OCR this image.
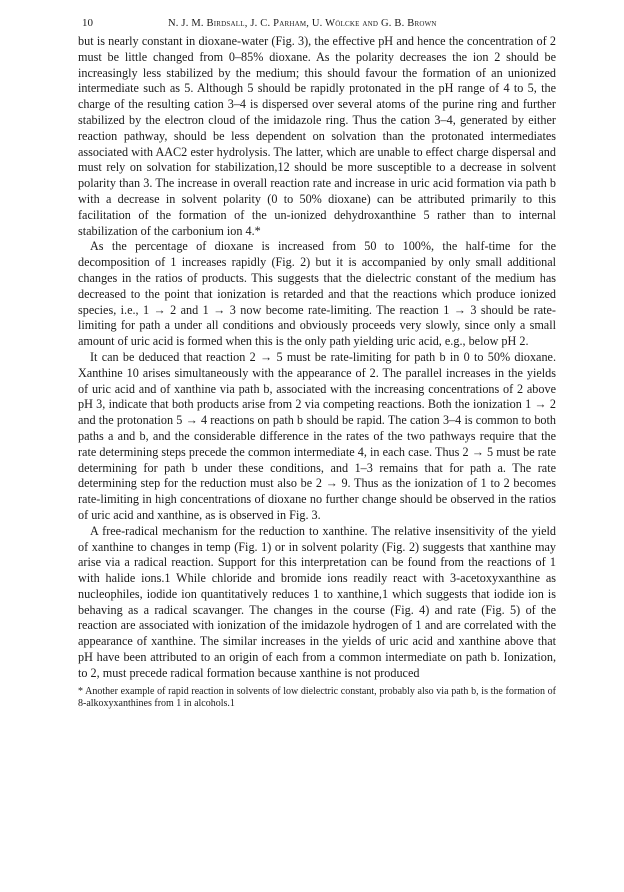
10	N. J. M. Birdsall, J. C. Parham, U. Wölcke and G. B. Brown

but is nearly constant in dioxane-water (Fig. 3), the effective pH and hence the concentration of 2 must be little changed from 0–85% dioxane. As the polarity decreases the ion 2 should be increasingly less stabilized by the medium; this should favour the formation of an unionized intermediate such as 5. Although 5 should be rapidly protonated in the pH range of 4 to 5, the charge of the resulting cation 3–4 is dispersed over several atoms of the purine ring and further stabilized by the electron cloud of the imidazole ring. Thus the cation 3–4, generated by either reaction pathway, should be less dependent on solvation than the protonated intermediates associated with AAC2 ester hydrolysis. The latter, which are unable to effect charge dispersal and must rely on solvation for stabilization,12 should be more susceptible to a decrease in solvent polarity than 3. The increase in overall reaction rate and increase in uric acid formation via path b with a decrease in solvent polarity (0 to 50% dioxane) can be attributed primarily to this facilitation of the formation of the un-ionized dehydroxanthine 5 rather than to internal stabilization of the carbonium ion 4.*

As the percentage of dioxane is increased from 50 to 100%, the half-time for the decomposition of 1 increases rapidly (Fig. 2) but it is accompanied by only small additional changes in the ratios of products. This suggests that the dielectric constant of the medium has decreased to the point that ionization is retarded and that the reactions which produce ionized species, i.e., 1 → 2 and 1 → 3 now become rate-limiting. The reaction 1 → 3 should be rate-limiting for path a under all conditions and obviously proceeds very slowly, since only a small amount of uric acid is formed when this is the only path yielding uric acid, e.g., below pH 2.

It can be deduced that reaction 2 → 5 must be rate-limiting for path b in 0 to 50% dioxane. Xanthine 10 arises simultaneously with the appearance of 2. The parallel increases in the yields of uric acid and of xanthine via path b, associated with the increasing concentrations of 2 above pH 3, indicate that both products arise from 2 via competing reactions. Both the ionization 1 → 2 and the protonation 5 → 4 reactions on path b should be rapid. The cation 3–4 is common to both paths a and b, and the considerable difference in the rates of the two pathways require that the rate determining steps precede the common intermediate 4, in each case. Thus 2 → 5 must be rate determining for path b under these conditions, and 1–3 remains that for path a. The rate determining step for the reduction must also be 2 → 9. Thus as the ionization of 1 to 2 becomes rate-limiting in high concentrations of dioxane no further change should be observed in the ratios of uric acid and xanthine, as is observed in Fig. 3.

A free-radical mechanism for the reduction to xanthine. The relative insensitivity of the yield of xanthine to changes in temp (Fig. 1) or in solvent polarity (Fig. 2) suggests that xanthine may arise via a radical reaction. Support for this interpretation can be found from the reactions of 1 with halide ions.1 While chloride and bromide ions readily react with 3-acetoxyxanthine as nucleophiles, iodide ion quantitatively reduces 1 to xanthine,1 which suggests that iodide ion is behaving as a radical scavanger. The changes in the course (Fig. 4) and rate (Fig. 5) of the reaction are associated with ionization of the imidazole hydrogen of 1 and are correlated with the appearance of xanthine. The similar increases in the yields of uric acid and xanthine above that pH have been attributed to an origin of each from a common intermediate on path b. Ionization, to 2, must precede radical formation because xanthine is not produced

* Another example of rapid reaction in solvents of low dielectric constant, probably also via path b, is the formation of 8-alkoxyxanthines from 1 in alcohols.1
